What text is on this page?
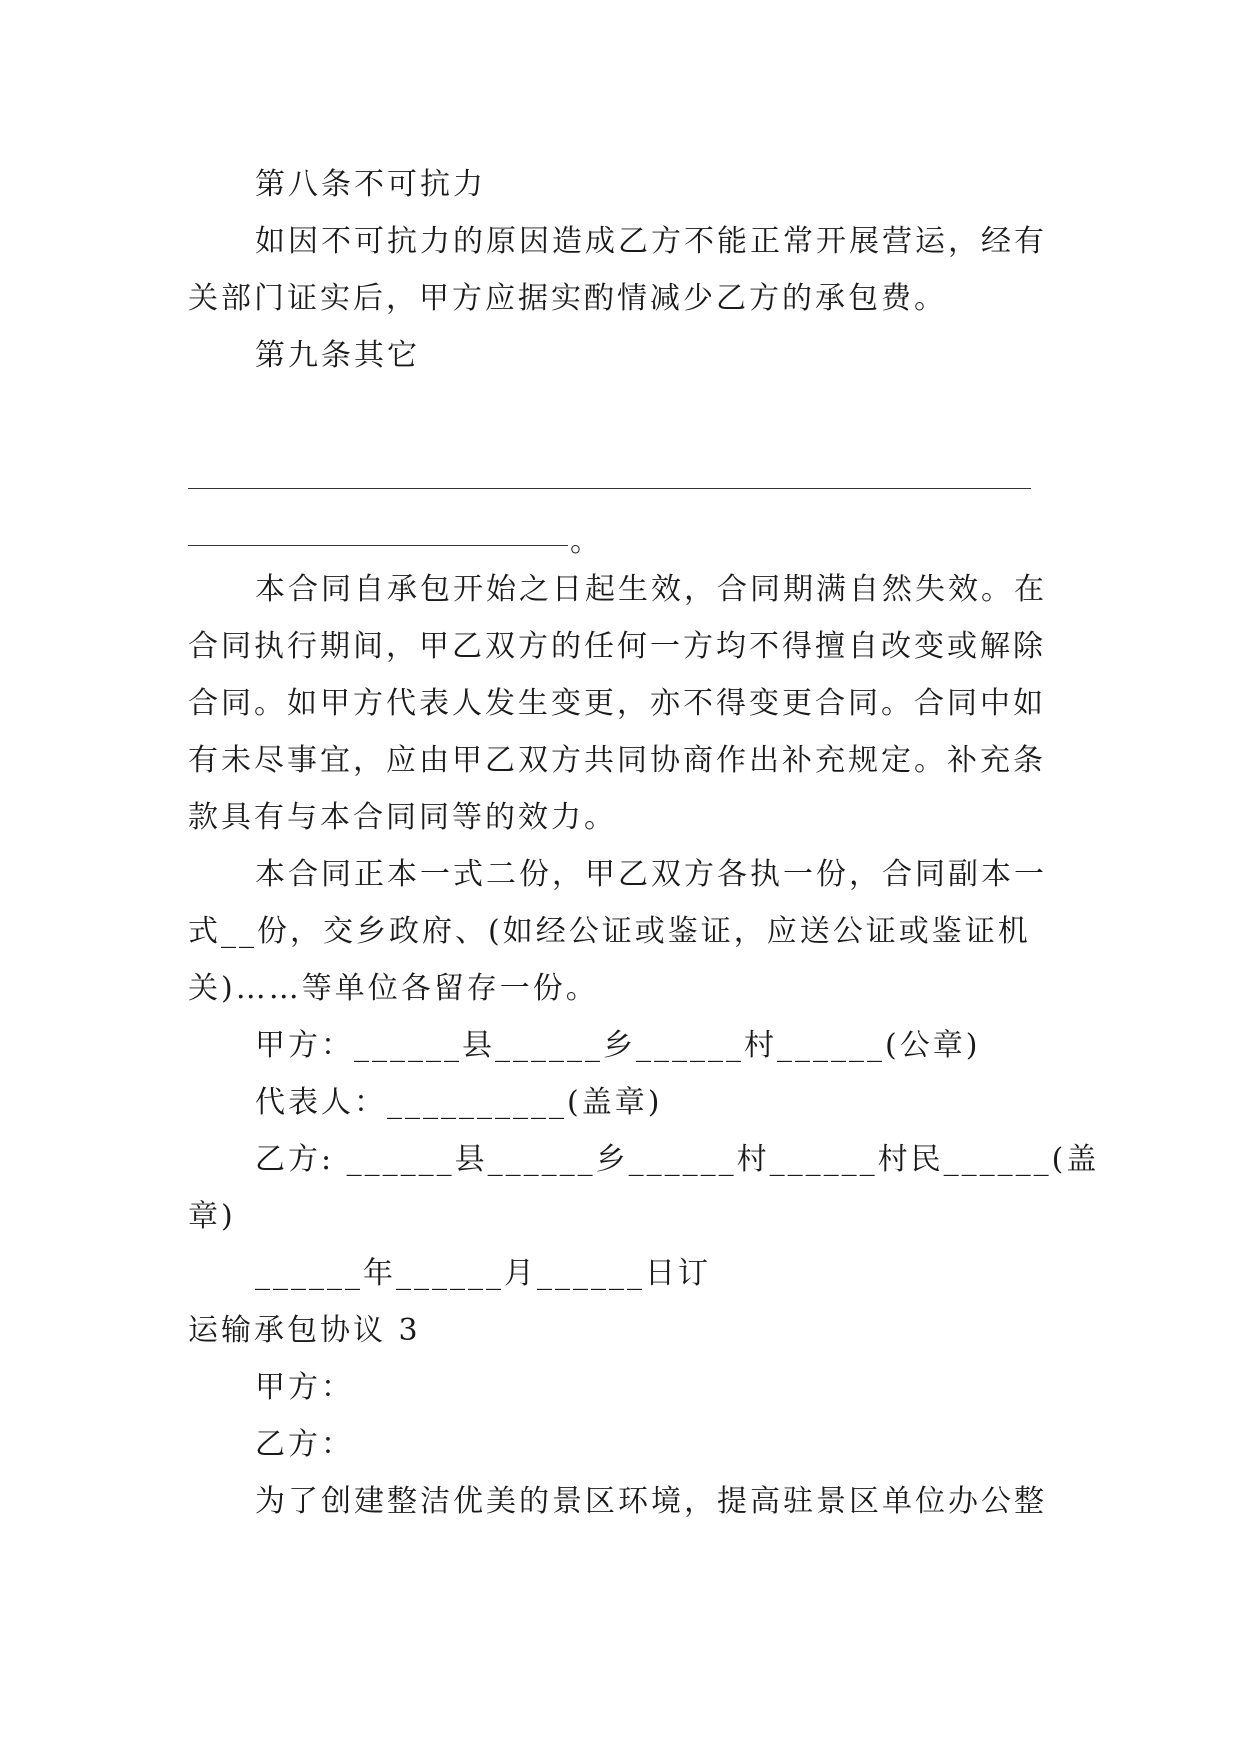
第八条不可抗力
如因不可抗力的原因造成乙方不能正常开展营运，经有
关部门证实后，甲方应据实酌情减少乙方的承包费。
第九条其它
。
本合同自承包开始之日起生效，合同期满自然失效。在
合同执行期间，甲乙双方的任何一方均不得擅自改变或解除
合同。如甲方代表人发生变更，亦不得变更合同。合同中如
有未尽事宜，应由甲乙双方共同协商作出补充规定。补充条
款具有与本合同同等的效力。
本合同正本一式二份，甲乙双方各执一份，合同副本一
式__份，交乡政府、(如经公证或鉴证，应送公证或鉴证机
关)……等单位各留存一份。
甲方：______县______乡______村______(公章)
代表人：__________(盖章)
乙方: ______县______乡______村______村民______(盖
章)
______年______月______日订
运输承包协议 3
甲方：
乙方：
为了创建整洁优美的景区环境，提高驻景区单位办公整
